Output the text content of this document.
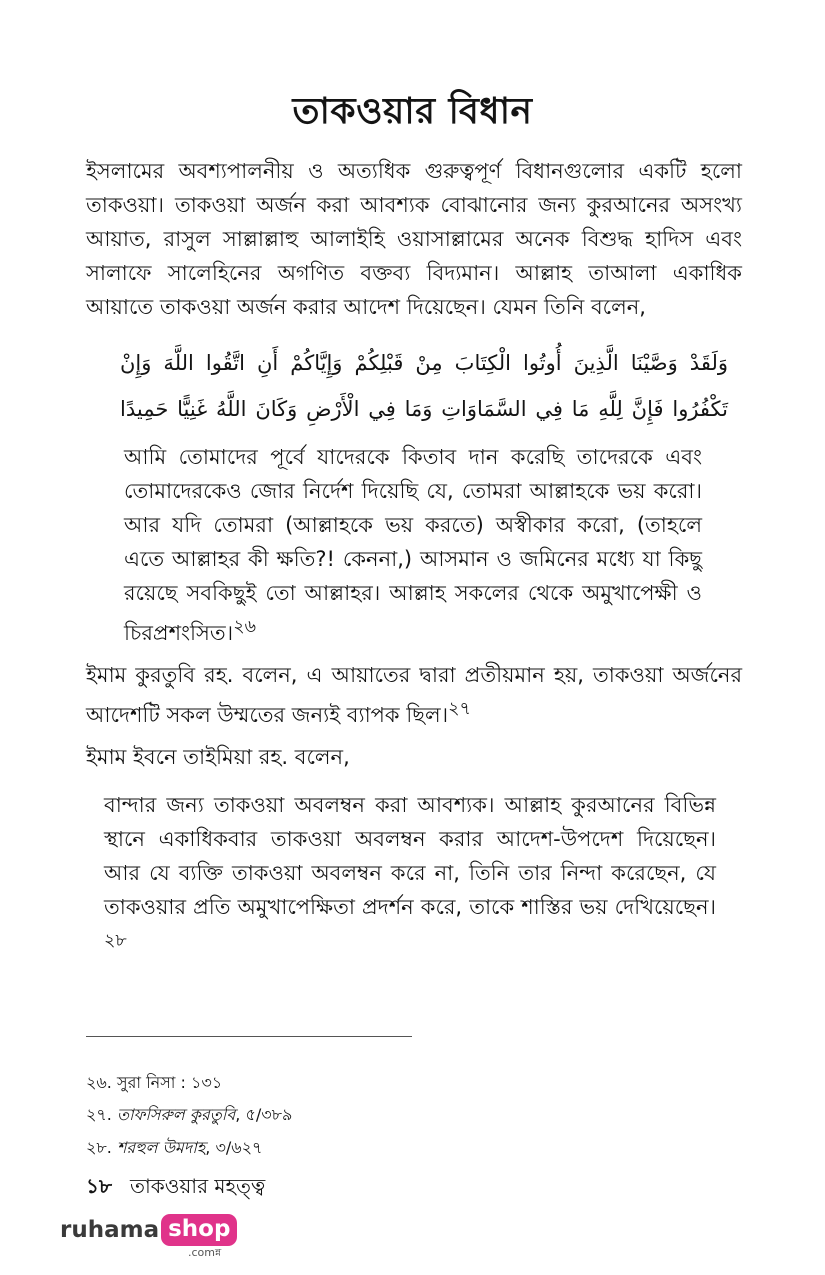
তাকওয়ার বিধান

ইসলামের অবশ্যপালনীয় ও অত্যধিক গুরুত্বপূর্ণ বিধানগুলোর একটি হলো তাকওয়া। তাকওয়া অর্জন করা আবশ্যক বোঝানোর জন্য কুরআনের অসংখ্য আয়াত, রাসুল সাল্লাল্লাহু আলাইহি ওয়াসাল্লামের অনেক বিশুদ্ধ হাদিস এবং সালাফে সালেহিনের অগণিত বক্তব্য বিদ্যমান। আল্লাহ তাআলা একাধিক আয়াতে তাকওয়া অর্জন করার আদেশ দিয়েছেন। যেমন তিনি বলেন,

وَلَقَدْ وَصَّيْنَا الَّذِينَ أُوتُوا الْكِتَابَ مِنْ قَبْلِكُمْ وَإِيَّاكُمْ أَنِ اتَّقُوا اللَّهَ وَإِنْ تَكْفُرُوا فَإِنَّ لِلَّهِ مَا فِي السَّمَاوَاتِ وَمَا فِي الْأَرْضِ وَكَانَ اللَّهُ غَنِيًّا حَمِيدًا

আমি তোমাদের পূর্বে যাদেরকে কিতাব দান করেছি তাদেরকে এবং তোমাদেরকেও জোর নির্দেশ দিয়েছি যে, তোমরা আল্লাহকে ভয় করো। আর যদি তোমরা (আল্লাহকে ভয় করতে) অস্বীকার করো, (তাহলে এতে আল্লাহর কী ক্ষতি?! কেননা,) আসমান ও জমিনের মধ্যে যা কিছু রয়েছে সবকিছুই তো আল্লাহর। আল্লাহ সকলের থেকে অমুখাপেক্ষী ও চিরপ্রশংসিত।$^{২৬}$

ইমাম কুরতুবি রহ. বলেন, এ আয়াতের দ্বারা প্রতীয়মান হয়, তাকওয়া অর্জনের আদেশটি সকল উম্মতের জন্যই ব্যাপক ছিল।$^{২৭}$

ইমাম ইবনে তাইমিয়া রহ. বলেন,

বান্দার জন্য তাকওয়া অবলম্বন করা আবশ্যক। আল্লাহ কুরআনের বিভিন্ন স্থানে একাধিকবার তাকওয়া অবলম্বন করার আদেশ-উপদেশ দিয়েছেন। আর যে ব্যক্তি তাকওয়া অবলম্বন করে না, তিনি তার নিন্দা করেছেন, যে তাকওয়ার প্রতি অমুখাপেক্ষিতা প্রদর্শন করে, তাকে শাস্তির ভয় দেখিয়েছেন।$^{২৮}$

২৬. সুরা নিসা : ১৩১

২৭. তাফসিরুল কুরতুবি, ৫/৩৮৯

২৮. শরহুল উমদাহ, ৩/৬২৭

১৮ তাকওয়ার মহত্ত্ব
ruhama shop
.comন্ন
